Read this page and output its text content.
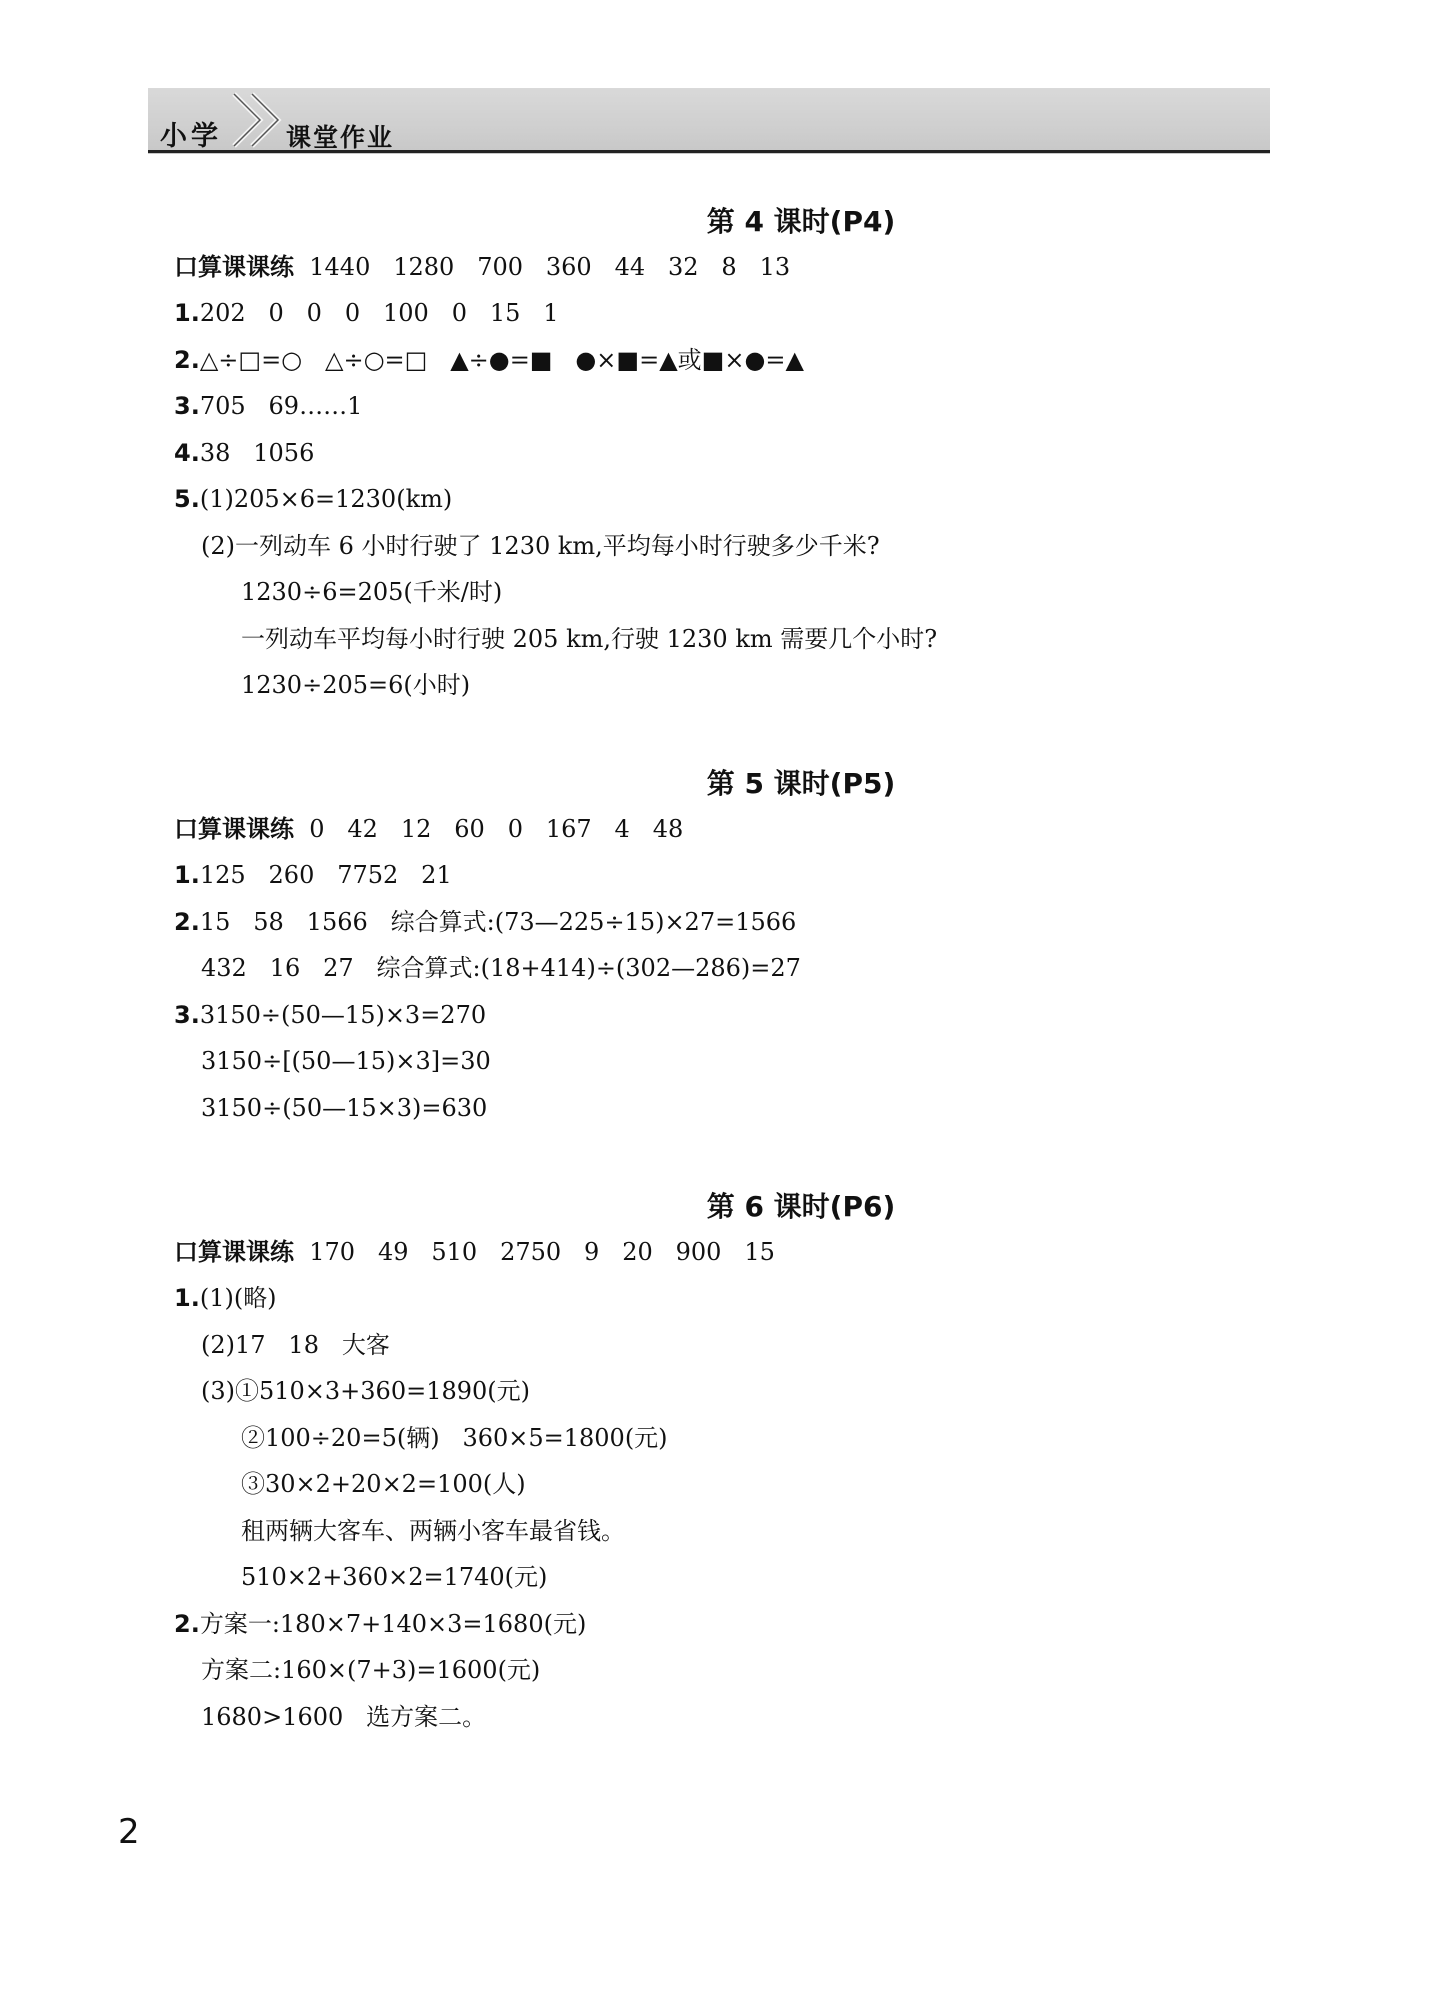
小学	课堂作业
第 4 课时(P4)
口算课课练  1440   1280   700   360   44   32   8   13
1.202   0   0   0   100   0   15   1
2.△÷□=○   △÷○=□   ▲÷●=■   ●×■=▲或■×●=▲
3.705   69……1
4.38   1056
5.(1)205×6=1230(km)
(2)一列动车 6 小时行驶了 1230 km,平均每小时行驶多少千米?
1230÷6=205(千米/时)
一列动车平均每小时行驶 205 km,行驶 1230 km 需要几个小时?
1230÷205=6(小时)
第 5 课时(P5)
口算课课练  0   42   12   60   0   167   4   48
1.125   260   7752   21
2.15   58   1566   综合算式:(73—225÷15)×27=1566
432   16   27   综合算式:(18+414)÷(302—286)=27
3.3150÷(50—15)×3=270
3150÷[(50—15)×3]=30
3150÷(50—15×3)=630
第 6 课时(P6)
口算课课练  170   49   510   2750   9   20   900   15
1.(1)(略)
(2)17   18   大客
(3)①510×3+360=1890(元)
②100÷20=5(辆)   360×5=1800(元)
③30×2+20×2=100(人)
租两辆大客车、两辆小客车最省钱。
510×2+360×2=1740(元)
2.方案一:180×7+140×3=1680(元)
方案二:160×(7+3)=1600(元)
1680>1600   选方案二。
2
